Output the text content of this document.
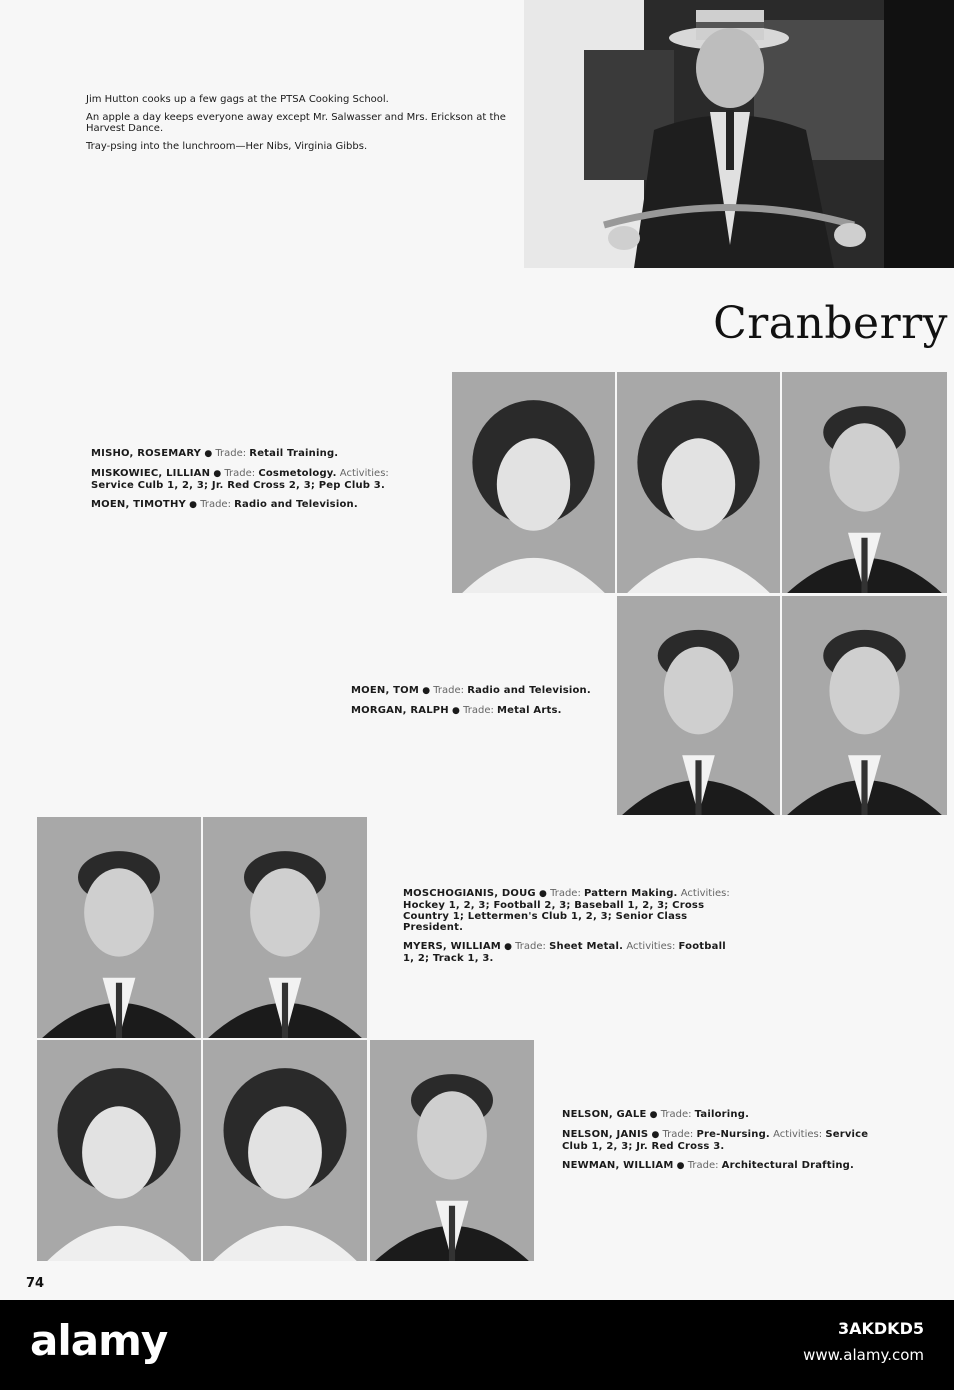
Jim Hutton cooks up a few gags at the PTSA Cooking School.

An apple a day keeps everyone away except Mr. Salwasser and Mrs. Erickson at the Harvest Dance.

Tray-psing into the lunchroom—Her Nibs, Virginia Gibbs.

Cranberry
MISHO, ROSEMARY ● Trade: Retail Training.
MISKOWIEC, LILLIAN ● Trade: Cosmetology. Activities: Service Culb 1, 2, 3; Jr. Red Cross 2, 3; Pep Club 3.
MOEN, TIMOTHY ● Trade: Radio and Television.
MOEN, TOM ● Trade: Radio and Television.
MORGAN, RALPH ● Trade: Metal Arts.
MOSCHOGIANIS, DOUG ● Trade: Pattern Making. Activities: Hockey 1, 2, 3; Football 2, 3; Baseball 1, 2, 3; Cross Country 1; Lettermen's Club 1, 2, 3; Senior Class President.
MYERS, WILLIAM ● Trade: Sheet Metal. Activities: Football 1, 2; Track 1, 3.
NELSON, GALE ● Trade: Tailoring.
NELSON, JANIS ● Trade: Pre-Nursing. Activities: Service Club 1, 2, 3; Jr. Red Cross 3.
NEWMAN, WILLIAM ● Trade: Architectural Drafting.
74
alamy	3AKDKD5
www.alamy.com
